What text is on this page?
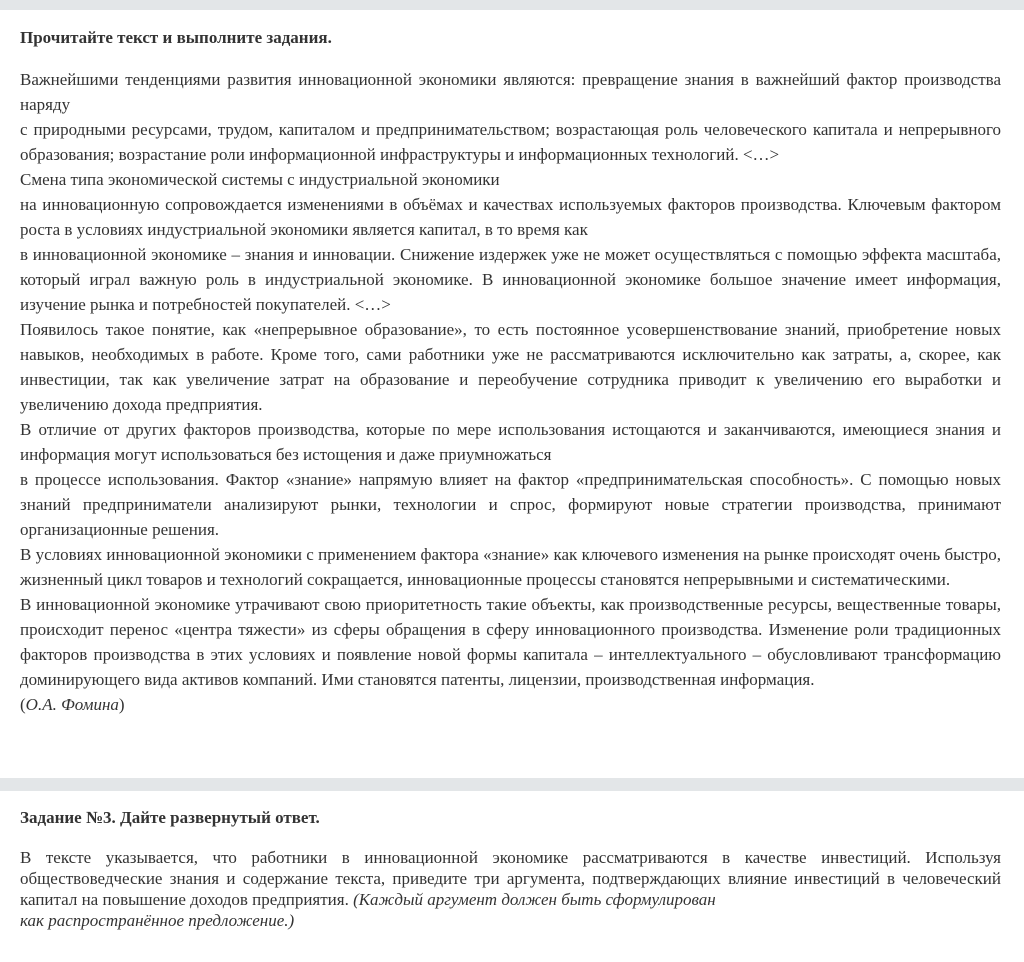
Прочитайте текст и выполните задания.

Важнейшими тенденциями развития инновационной экономики являются: превращение знания в важнейший фактор производства наряду

с природными ресурсами, трудом, капиталом и предпринимательством; возрастающая роль человеческого капитала и непрерывного образования; возрастание роли информационной инфраструктуры и информационных технологий. <…>

Смена типа экономической системы с индустриальной экономики

на инновационную сопровождается изменениями в объёмах и качествах используемых факторов производства. Ключевым фактором роста в условиях индустриальной экономики является капитал, в то время как

в инновационной экономике – знания и инновации. Снижение издержек уже не может осуществляться с помощью эффекта масштаба, который играл важную роль в индустриальной экономике. В инновационной экономике большое значение имеет информация, изучение рынка и потребностей покупателей. <…>

Появилось такое понятие, как «непрерывное образование», то есть постоянное усовершенствование знаний, приобретение новых навыков, необходимых в работе. Кроме того, сами работники уже не рассматриваются исключительно как затраты, а, скорее, как инвестиции, так как увеличение затрат на образование и переобучение сотрудника приводит к увеличению его выработки и увеличению дохода предприятия.

В отличие от других факторов производства, которые по мере использования истощаются и заканчиваются, имеющиеся знания и информация могут использоваться без истощения и даже приумножаться

в процессе использования. Фактор «знание» напрямую влияет на фактор «предпринимательская способность». С помощью новых знаний предприниматели анализируют рынки, технологии и спрос, формируют новые стратегии производства, принимают организационные решения.

В условиях инновационной экономики с применением фактора «знание» как ключевого изменения на рынке происходят очень быстро, жизненный цикл товаров и технологий сокращается, инновационные процессы становятся непрерывными и систематическими.

В инновационной экономике утрачивают свою приоритетность такие объекты, как производственные ресурсы, вещественные товары, происходит перенос «центра тяжести» из сферы обращения в сферу инновационного производства. Изменение роли традиционных факторов производства в этих условиях и появление новой формы капитала – интеллектуального – обусловливают трансформацию доминирующего вида активов компаний. Ими становятся патенты, лицензии, производственная информация.

(О.А. Фомина)

Задание №3. Дайте развернутый ответ.

В тексте указывается, что работники в инновационной экономике рассматриваются в качестве инвестиций. Используя обществоведческие знания и содержание текста, приведите три аргумента, подтверждающих влияние инвестиций в человеческий капитал на повышение доходов предприятия. (Каждый аргумент должен быть сформулирован
как распространённое предложение.)
